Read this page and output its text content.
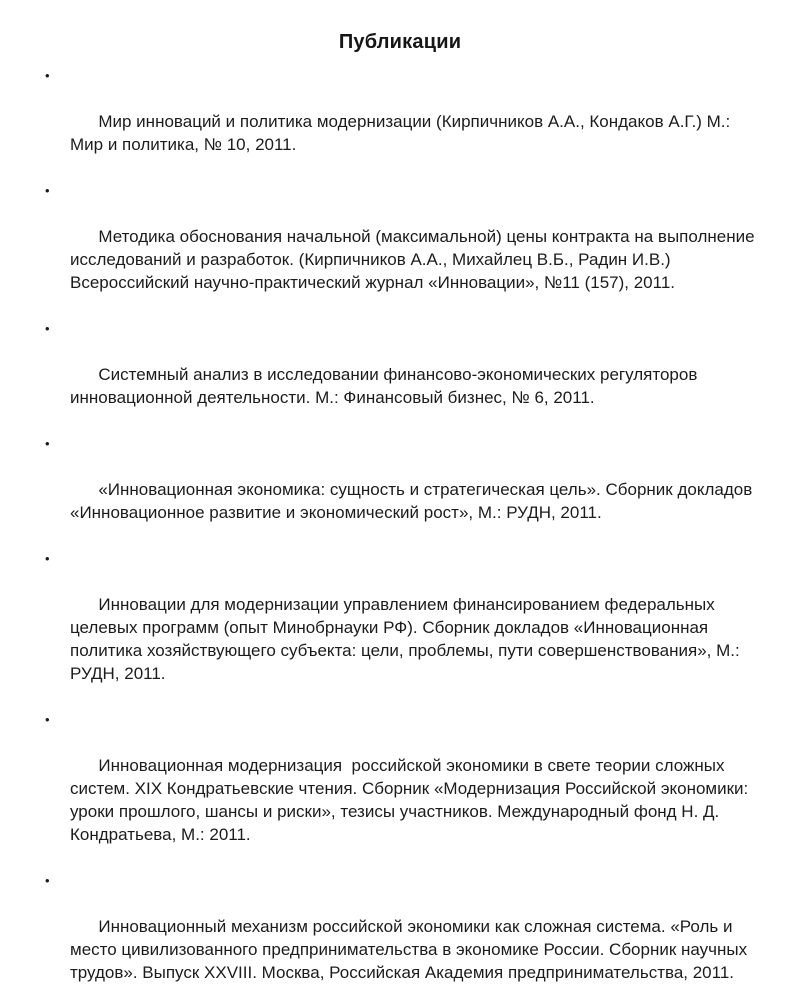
Публикации

•

Мир инноваций и политика модернизации (Кирпичников А.А., Кондаков А.Г.) М.: Мир и политика, № 10, 2011.

•

Методика обоснования начальной (максимальной) цены контракта на выполнение исследований и разработок. (Кирпичников А.А., Михайлец В.Б., Радин И.В.) Всероссийский научно-практический журнал «Инновации», №11 (157), 2011.

•

Системный анализ в исследовании финансово-экономических регуляторов инновационной деятельности. М.: Финансовый бизнес, № 6, 2011.

•

«Инновационная экономика: сущность и стратегическая цель». Сборник докладов «Инновационное развитие и экономический рост», М.: РУДН, 2011.

•

Инновации для модернизации управлением финансированием федеральных целевых программ (опыт Минобрнауки РФ). Сборник докладов «Инновационная политика хозяйствующего субъекта: цели, проблемы, пути совершенствования», М.: РУДН, 2011.

•

Инновационная модернизация  российской экономики в свете теории сложных систем. XIX Кондратьевские чтения. Сборник «Модернизация Российской экономики: уроки прошлого, шансы и риски», тезисы участников. Международный фонд Н. Д. Кондратьева, М.: 2011.

•

Инновационный механизм российской экономики как сложная система. «Роль и место цивилизованного предпринимательства в экономике России. Сборник научных трудов». Выпуск XXVIII. Москва, Российская Академия предпринимательства, 2011.
